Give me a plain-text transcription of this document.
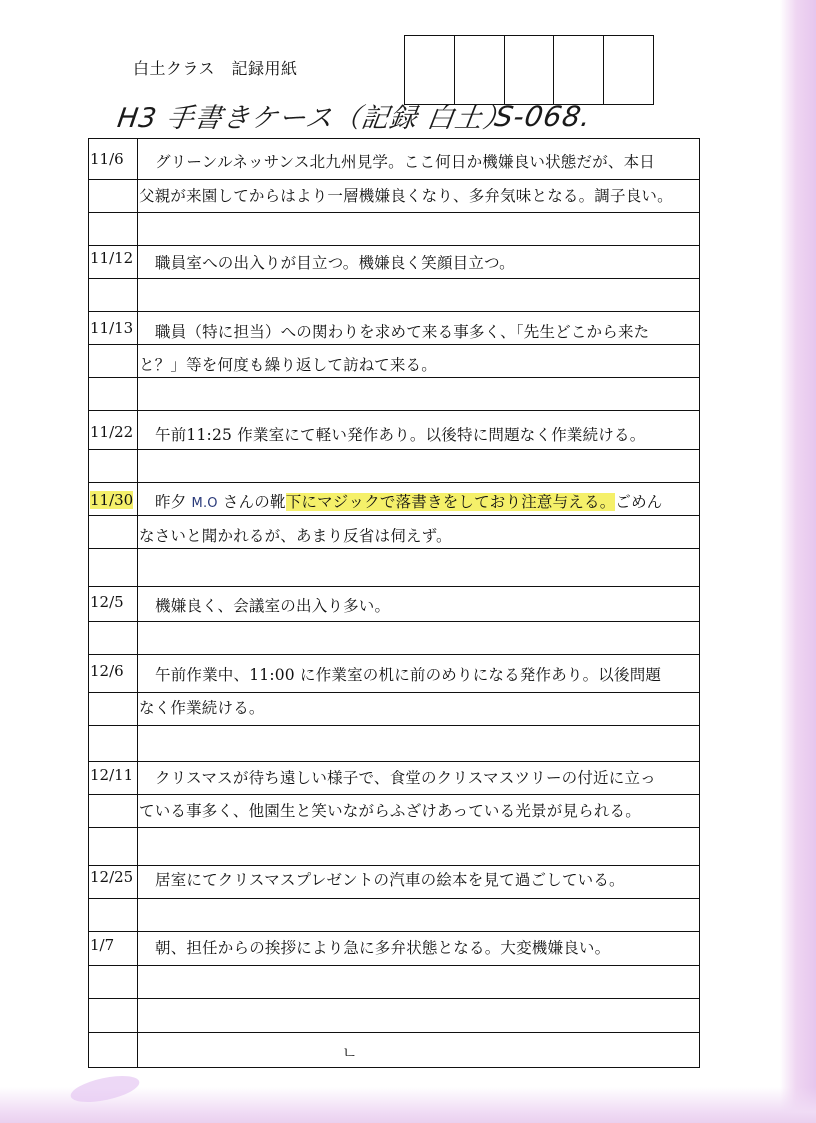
白土クラス　記録用紙
H3 手書きケース（記録 白土）
S-068.
11/6	グリーンルネッサンス北九州見学。ここ何日か機嫌良い状態だが、本日
父親が来園してからはより一層機嫌良くなり、多弁気味となる。調子良い。
11/12	職員室への出入りが目立つ。機嫌良く笑顔目立つ。
11/13	職員（特に担当）への関わりを求めて来る事多く、「先生どこから来た
と？」等を何度も繰り返して訪ねて来る。
11/22	午前11:25 作業室にて軽い発作あり。以後特に問題なく作業続ける。
11/30	昨夕 M.O さんの靴下にマジックで落書きをしており注意与える。ごめん
なさいと聞かれるが、あまり反省は伺えず。
12/5	機嫌良く、会議室の出入り多い。
12/6	午前作業中、11:00 に作業室の机に前のめりになる発作あり。以後問題
なく作業続ける。
12/11	クリスマスが待ち遠しい様子で、食堂のクリスマスツリーの付近に立っ
ている事多く、他園生と笑いながらふざけあっている光景が見られる。
12/25	居室にてクリスマスプレゼントの汽車の絵本を見て過ごしている。
1/7	朝、担任からの挨拶により急に多弁状態となる。大変機嫌良い。
ㄴ
